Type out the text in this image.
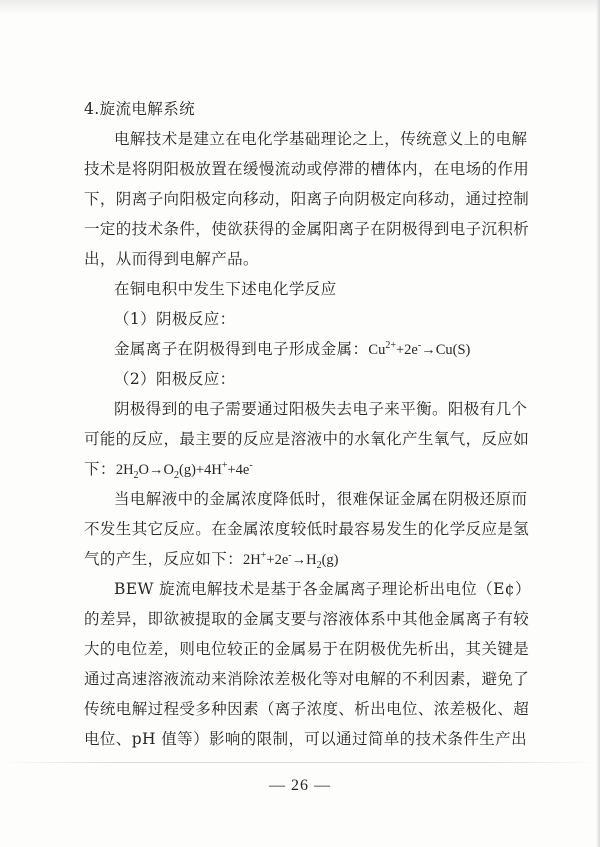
4.旋流电解系统
电解技术是建立在电化学基础理论之上，传统意义上的电解
技术是将阴阳极放置在缓慢流动或停滞的槽体内，在电场的作用
下，阴离子向阳极定向移动，阳离子向阴极定向移动，通过控制
一定的技术条件，使欲获得的金属阳离子在阴极得到电子沉积析
出，从而得到电解产品。
在铜电积中发生下述电化学反应
（1）阴极反应：
金属离子在阴极得到电子形成金属：$Cu^{2+}+2e^-\to Cu(S)$
（2）阳极反应：
阴极得到的电子需要通过阳极失去电子来平衡。阳极有几个
可能的反应，最主要的反应是溶液中的水氧化产生氧气，反应如
下：$2H_2O\to O_2(g)+4H^++4e^-$
当电解液中的金属浓度降低时，很难保证金属在阴极还原而
不发生其它反应。在金属浓度较低时最容易发生的化学反应是氢
气的产生，反应如下：$2H^++2e^-\to H_2(g)$
BEW 旋流电解技术是基于各金属离子理论析出电位（E¢）
的差异，即欲被提取的金属支要与溶液体系中其他金属离子有较
大的电位差，则电位较正的金属易于在阴极优先析出，其关键是
通过高速溶液流动来消除浓差极化等对电解的不利因素，避免了
传统电解过程受多种因素（离子浓度、析出电位、浓差极化、超
电位、pH 值等）影响的限制，可以通过简单的技术条件生产出
— 26 —
